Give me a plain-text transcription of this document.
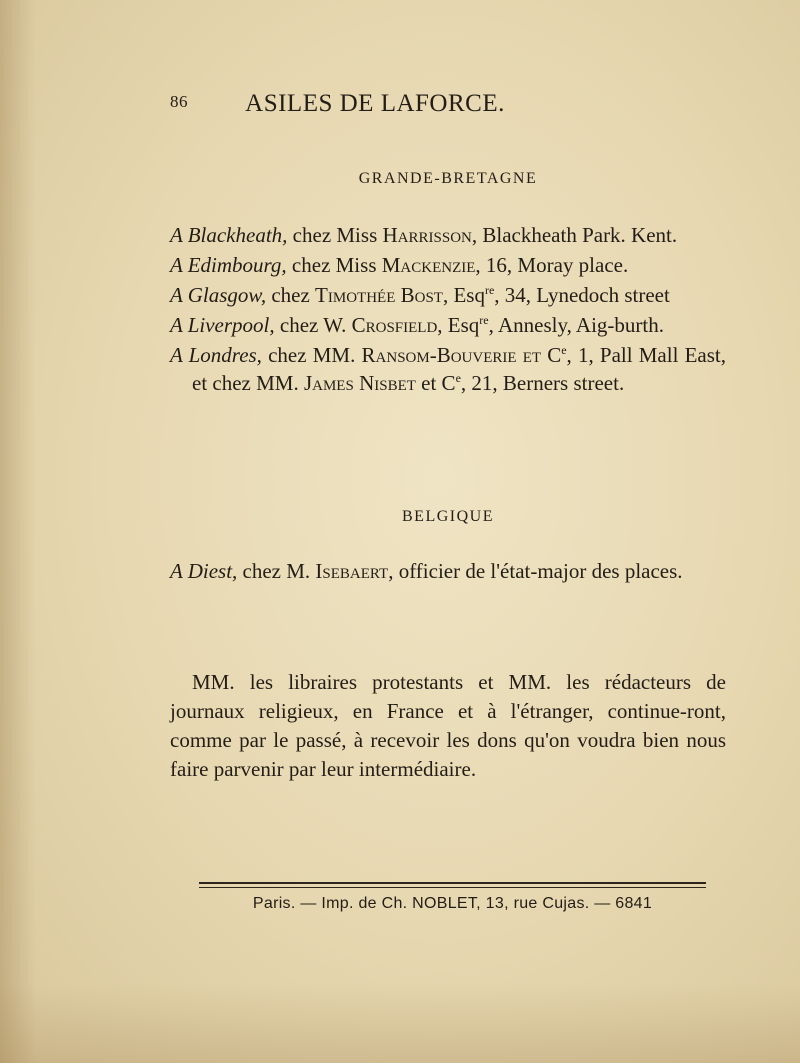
86	ASILES DE LAFORCE.
GRANDE-BRETAGNE

A Blackheath, chez Miss Harrisson, Blackheath Park. Kent.

A Edimbourg, chez Miss Mackenzie, 16, Moray place.

A Glasgow, chez Timothée Bost, Esq$^{re}$, 34, Lynedoch street

A Liverpool, chez W. Crosfield, Esq$^{re}$, Annesly, Aig-burth.

A Londres, chez MM. Ransom-Bouverie et Ce, 1, Pall Mall East, et chez MM. James Nisbet et Ce, 21, Berners street.

BELGIQUE

A Diest, chez M. Isebaert, officier de l'état-major des places.

MM. les libraires protestants et MM. les rédacteurs de journaux religieux, en France et à l'étranger, continue-ront, comme par le passé, à recevoir les dons qu'on voudra bien nous faire parvenir par leur intermédiaire.

Paris. — Imp. de Ch. NOBLET, 13, rue Cujas. — 6841
